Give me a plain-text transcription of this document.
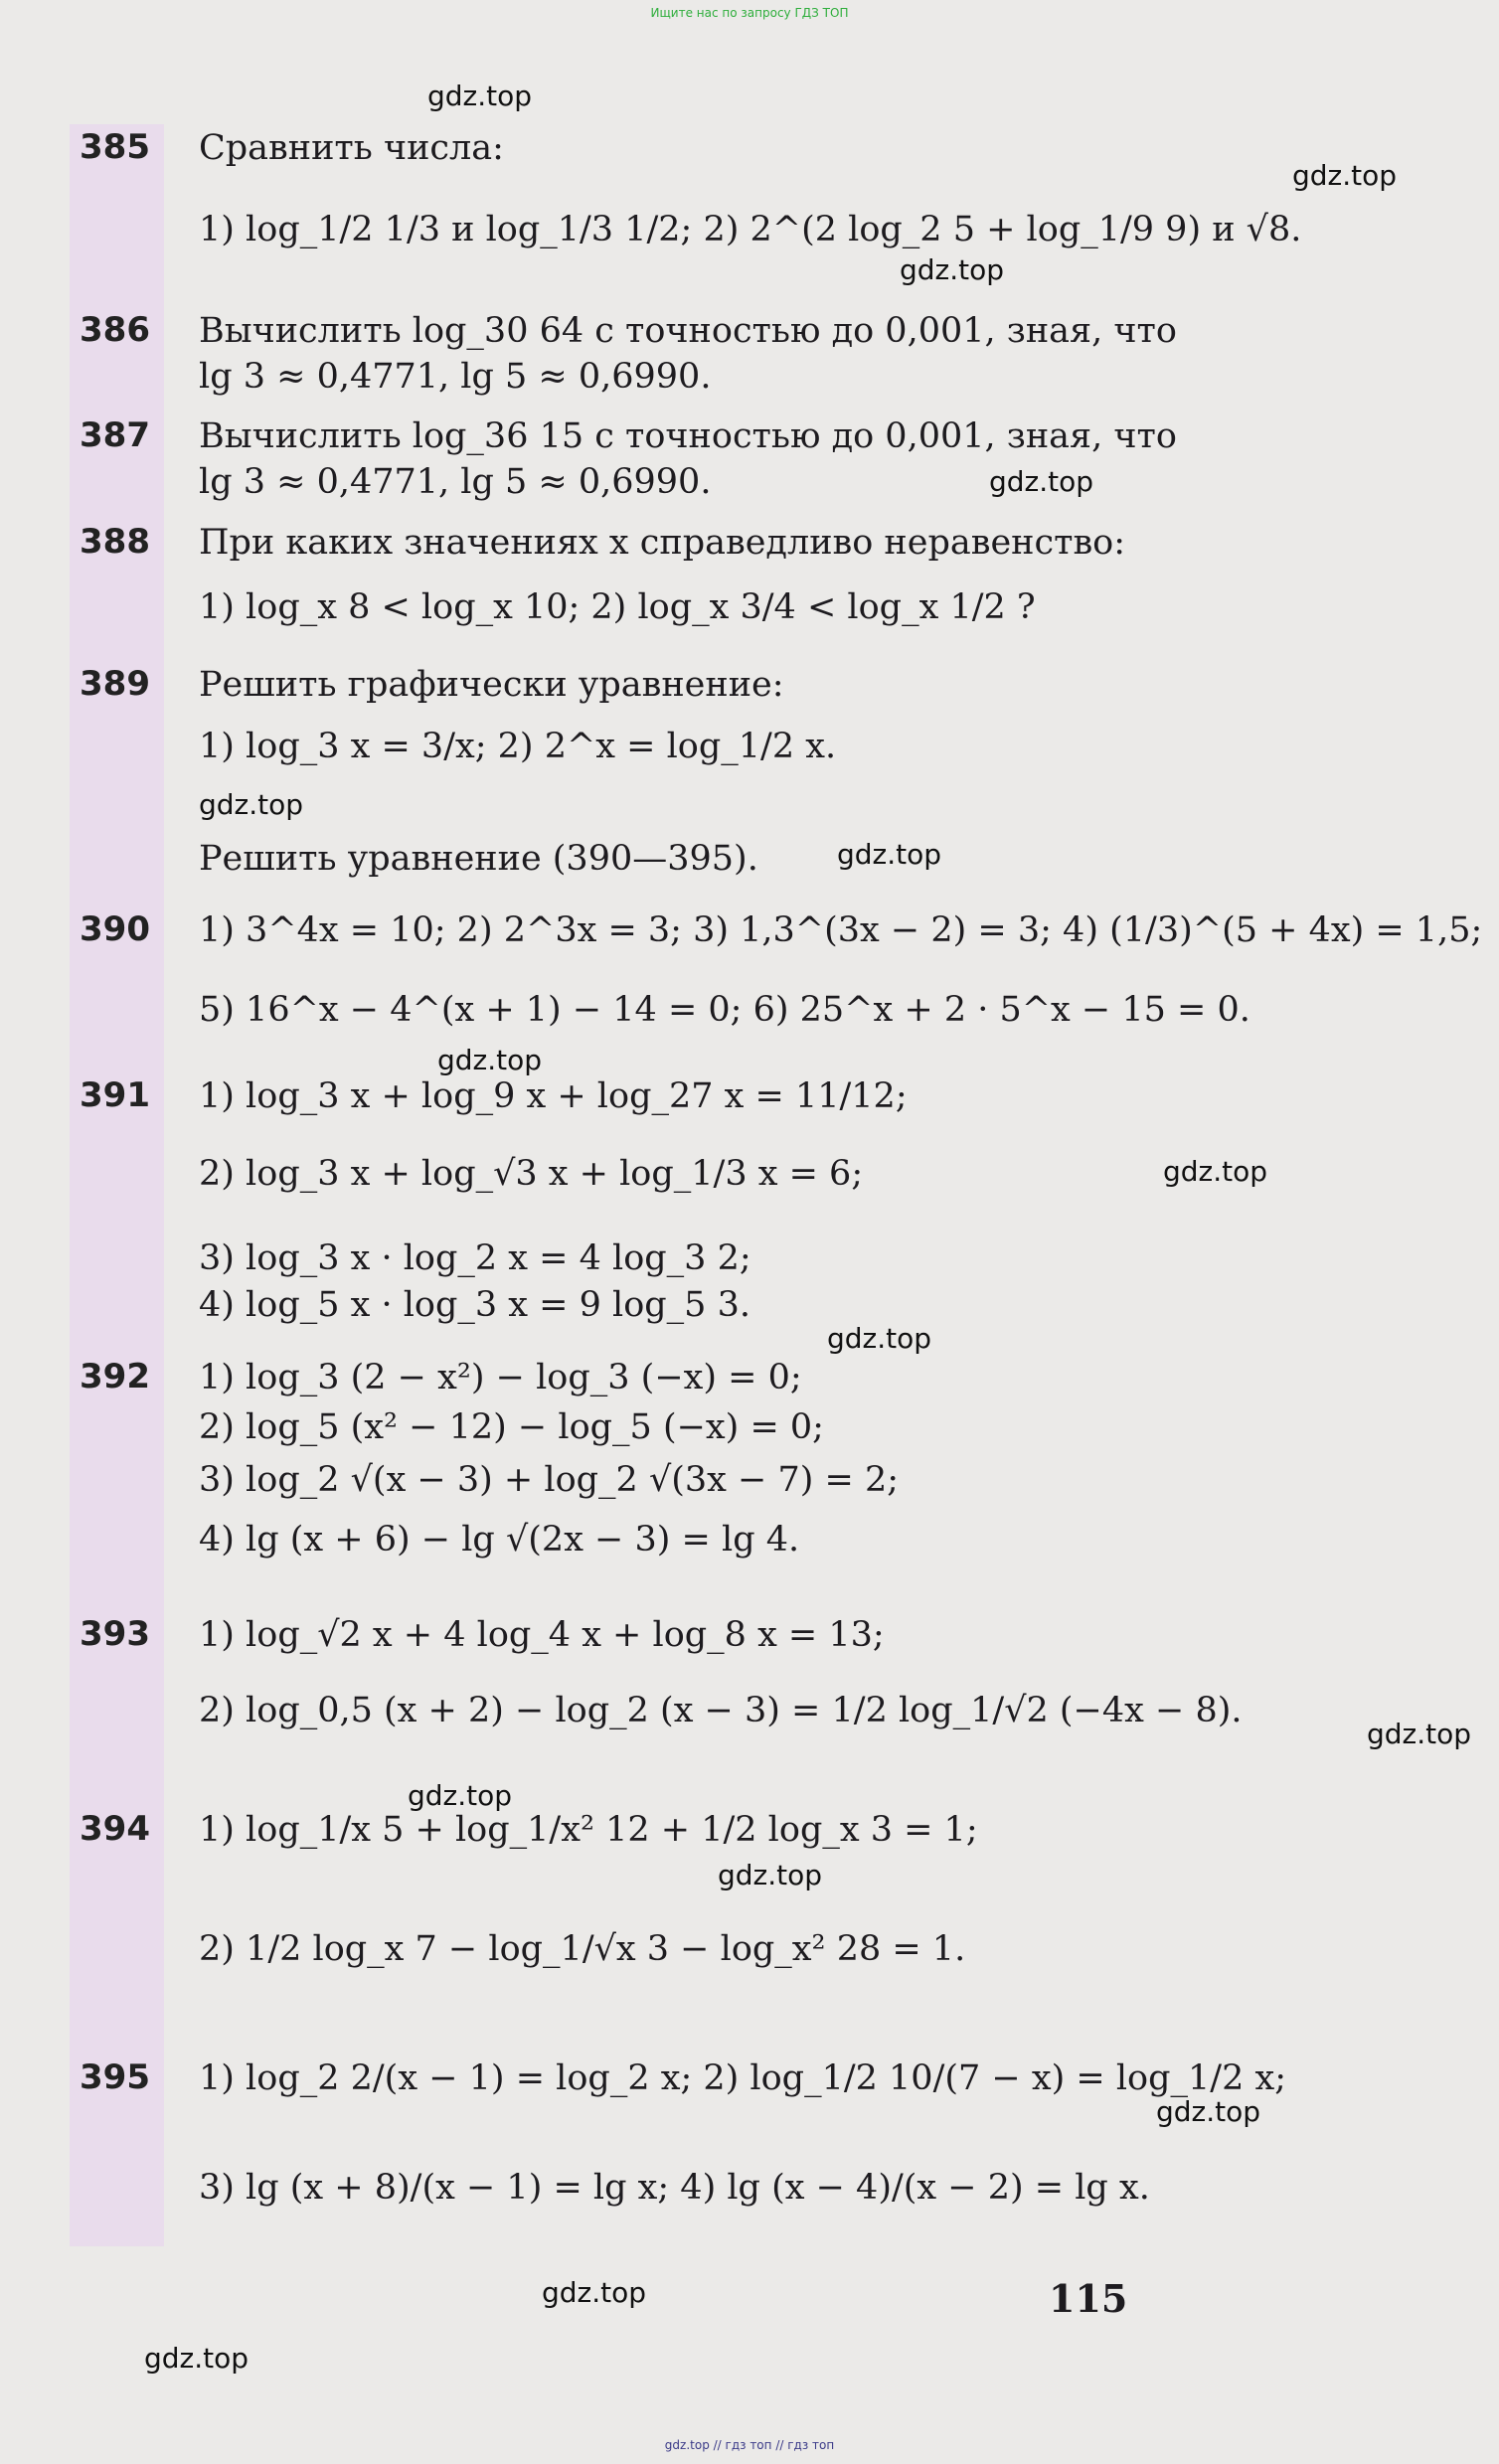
Ищите нас по запросу ГДЗ ТОП
gdz.top
gdz.top
gdz.top
gdz.top
gdz.top
gdz.top
gdz.top
gdz.top
gdz.top
gdz.top
gdz.top
gdz.top
gdz.top
gdz.top
gdz.top
385 Сравнить числа:
1) log_1/2 1/3 и log_1/3 1/2; 2) 2^(2 log_2 5 + log_1/9 9) и √8.
386 Вычислить log_30 64 с точностью до 0,001, зная, что
lg 3 ≈ 0,4771, lg 5 ≈ 0,6990.
387 Вычислить log_36 15 с точностью до 0,001, зная, что
lg 3 ≈ 0,4771, lg 5 ≈ 0,6990.
388 При каких значениях x справедливо неравенство:
1) log_x 8 < log_x 10; 2) log_x 3/4 < log_x 1/2 ?
389 Решить графически уравнение:
1) log_3 x = 3/x; 2) 2^x = log_1/2 x.
Решить уравнение (390—395).
390 1) 3^4x = 10; 2) 2^3x = 3; 3) 1,3^(3x − 2) = 3; 4) (1/3)^(5 + 4x) = 1,5;
5) 16^x − 4^(x + 1) − 14 = 0; 6) 25^x + 2 · 5^x − 15 = 0.
391 1) log_3 x + log_9 x + log_27 x = 11/12;
2) log_3 x + log_√3 x + log_1/3 x = 6;
3) log_3 x · log_2 x = 4 log_3 2;
4) log_5 x · log_3 x = 9 log_5 3.
392 1) log_3 (2 − x²) − log_3 (−x) = 0;
2) log_5 (x² − 12) − log_5 (−x) = 0;
3) log_2 √(x − 3) + log_2 √(3x − 7) = 2;
4) lg (x + 6) − lg √(2x − 3) = lg 4.
393 1) log_√2 x + 4 log_4 x + log_8 x = 13;
2) log_0,5 (x + 2) − log_2 (x − 3) = 1/2 log_1/√2 (−4x − 8).
394 1) log_1/x 5 + log_1/x² 12 + 1/2 log_x 3 = 1;
2) 1/2 log_x 7 − log_1/√x 3 − log_x² 28 = 1.
395 1) log_2 2/(x − 1) = log_2 x; 2) log_1/2 10/(7 − x) = log_1/2 x;
3) lg (x + 8)/(x − 1) = lg x; 4) lg (x − 4)/(x − 2) = lg x.
115
gdz.top // гдз топ // гдз топ
